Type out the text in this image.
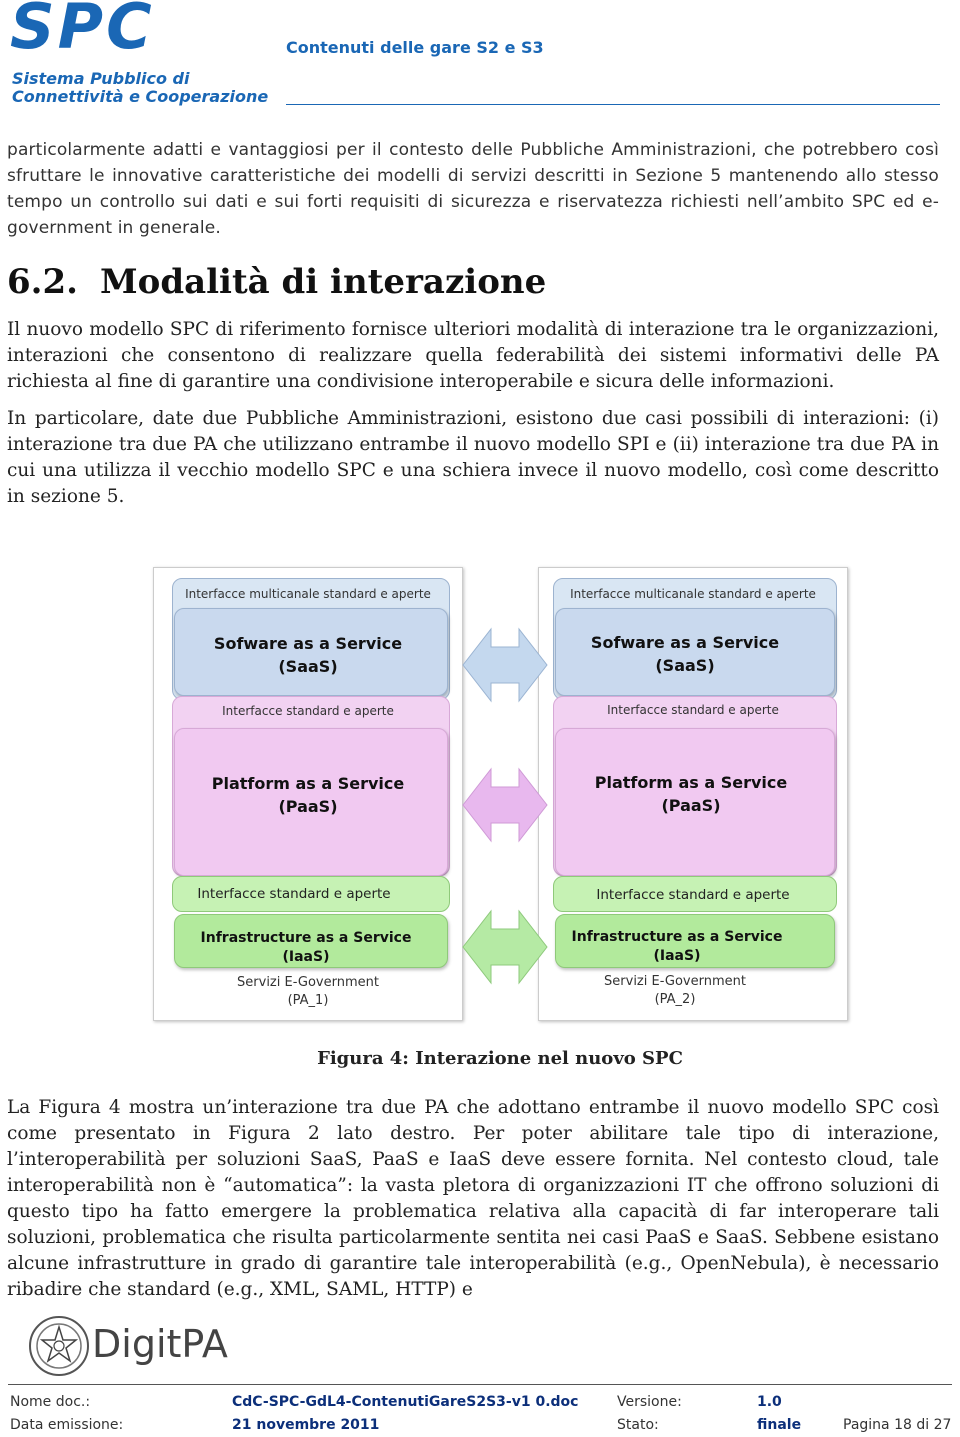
SPC
Sistema Pubblico di
Connettività e Cooperazione
Contenuti delle gare S2 e S3

particolarmente adatti e vantaggiosi per il contesto delle Pubbliche Amministrazioni, che potrebbero così sfruttare le innovative caratteristiche dei modelli di servizi descritti in Sezione 5 mantenendo allo stesso tempo un controllo sui dati e sui forti requisiti di sicurezza e riservatezza richiesti nell’ambito SPC ed e-government in generale.

6.2. Modalità di interazione

Il nuovo modello SPC di riferimento fornisce ulteriori modalità di interazione tra le organizzazioni, interazioni che consentono di realizzare quella federabilità dei sistemi informativi delle PA richiesta al fine di garantire una condivisione interoperabile e sicura delle informazioni.

In particolare, date due Pubbliche Amministrazioni, esistono due casi possibili di interazioni: (i) interazione tra due PA che utilizzano entrambe il nuovo modello SPI e (ii) interazione tra due PA in cui una utilizza il vecchio modello SPC e una schiera invece il nuovo modello, così come descritto in sezione 5.

Interfacce multicanale standard e aperte
Sofware as a Service
(SaaS)
Interfacce standard e aperte
Platform as a Service
(PaaS)
Interfacce standard e aperte
Infrastructure as a Service
(IaaS)
Servizi E-Government
(PA_1)
Interfacce multicanale standard e aperte
Sofware as a Service
(SaaS)
Interfacce standard e aperte
Platform as a Service
(PaaS)
Interfacce standard e aperte
Infrastructure as a Service
(IaaS)
Servizi E-Government
(PA_2)
Figura 4: Interazione nel nuovo SPC

La Figura 4 mostra un’interazione tra due PA che adottano entrambe il nuovo modello SPC così come presentato in Figura 2 lato destro. Per poter abilitare tale tipo di interazione, l’interoperabilità per soluzioni SaaS, PaaS e IaaS deve essere fornita. Nel contesto cloud, tale interoperabilità non è “automatica”: la vasta pletora di organizzazioni IT che offrono soluzioni di questo tipo ha fatto emergere la problematica relativa alla capacità di far interoperare tali soluzioni, problematica che risulta particolarmente sentita nei casi PaaS e SaaS. Sebbene esistano alcune infrastrutture in grado di garantire tale interoperabilità (e.g., OpenNebula), è necessario ribadire che standard (e.g., XML, SAML, HTTP) e

DigitPA
Nome doc.:	CdC-SPC-GdL4-ContenutiGareS2S3-v1 0.doc	Versione:	1.0
Data emissione:	21 novembre 2011	Stato:	finale	Pagina 18 di 27
